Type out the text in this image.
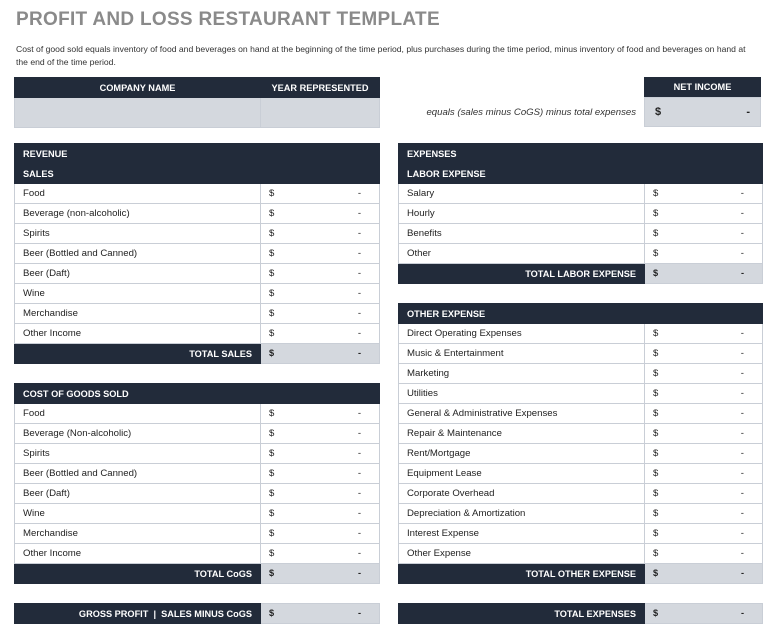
PROFIT AND LOSS RESTAURANT TEMPLATE
Cost of good sold equals inventory of food and beverages on hand at the beginning of the time period, plus purchases during the time period, minus inventory of food and beverages on hand at the end of the time period.
COMPANY NAME	YEAR REPRESENTED

equals (sales minus CoGS) minus total expenses
NET INCOME
$	-
REVENUE	
SALES	
Food	$ -

Beverage (non-alcoholic)	$ -

Spirits	$ -

Beer (Bottled and Canned)	$ -

Beer (Daft)	$ -

Wine	$ -

Merchandise	$ -

Other Income	$ -

TOTAL SALES	$ -
COST OF GOODS SOLD	
Food	$ -

Beverage (Non-alcoholic)	$ -

Spirits	$ -

Beer (Bottled and Canned)	$ -

Beer (Daft)	$ -

Wine	$ -

Merchandise	$ -

Other Income	$ -

TOTAL CoGS	$ -
GROSS PROFIT  |  SALES MINUS CoGS	$	-
EXPENSES	
LABOR EXPENSE	
Salary	$ -

Hourly	$ -

Benefits	$ -

Other	$ -

TOTAL LABOR EXPENSE	$ -
OTHER EXPENSE	
Direct Operating Expenses	$ -

Music & Entertainment	$ -

Marketing	$ -

Utilities	$ -

General & Administrative Expenses	$ -

Repair & Maintenance	$ -

Rent/Mortgage	$ -

Equipment Lease	$ -

Corporate Overhead	$ -

Depreciation & Amortization	$ -

Interest Expense	$ -

Other Expense	$ -

TOTAL OTHER EXPENSE	$ -
TOTAL EXPENSES	$	-
